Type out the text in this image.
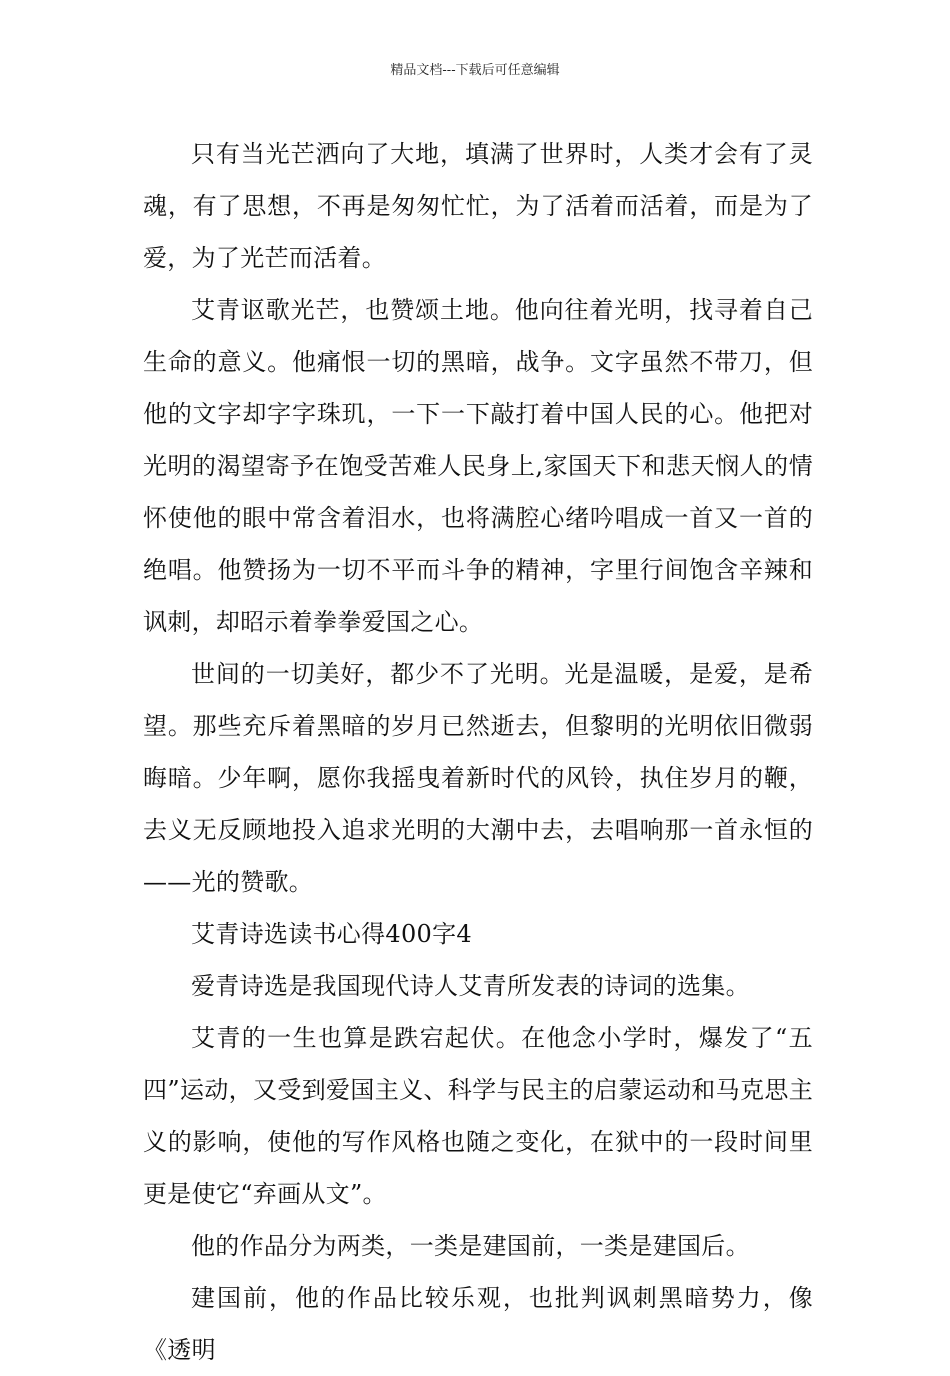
精品文档---下载后可任意编辑

只有当光芒洒向了大地，填满了世界时，人类才会有了灵魂，有了思想，不再是匆匆忙忙，为了活着而活着，而是为了爱，为了光芒而活着。

艾青讴歌光芒，也赞颂土地。他向往着光明，找寻着自己生命的意义。他痛恨一切的黑暗，战争。文字虽然不带刀，但他的文字却字字珠玑，一下一下敲打着中国人民的心。他把对光明的渴望寄予在饱受苦难人民身上,家国天下和悲天悯人的情怀使他的眼中常含着泪水，也将满腔心绪吟唱成一首又一首的绝唱。他赞扬为一切不平而斗争的精神，字里行间饱含辛辣和讽刺，却昭示着拳拳爱国之心。

世间的一切美好，都少不了光明。光是温暖，是爱，是希望。那些充斥着黑暗的岁月已然逝去，但黎明的光明依旧微弱晦暗。少年啊，愿你我摇曳着新时代的风铃，执住岁月的鞭，去义无反顾地投入追求光明的大潮中去，去唱响那一首永恒的——光的赞歌。

艾青诗选读书心得400字4

爱青诗选是我国现代诗人艾青所发表的诗词的选集。

艾青的一生也算是跌宕起伏。在他念小学时，爆发了“五四”运动，又受到爱国主义、科学与民主的启蒙运动和马克思主义的影响，使他的写作风格也随之变化，在狱中的一段时间里更是使它“弃画从文”。

他的作品分为两类，一类是建国前，一类是建国后。

建国前，他的作品比较乐观，也批判讽刺黑暗势力，像《透明
